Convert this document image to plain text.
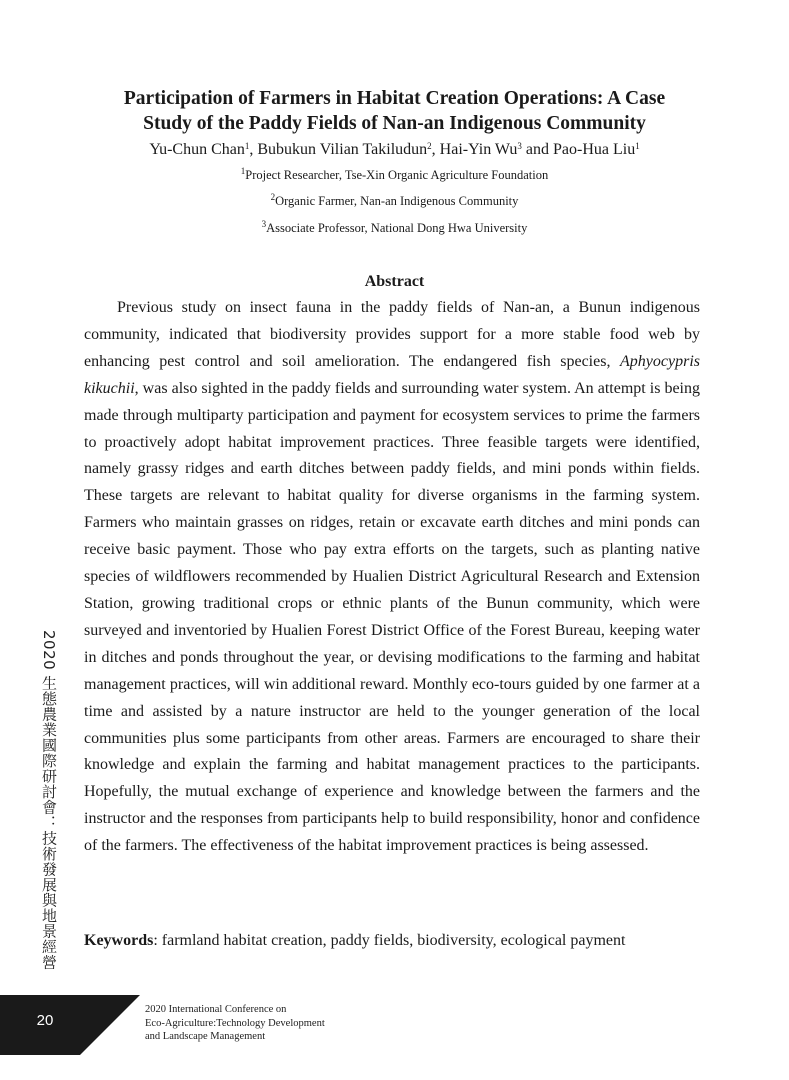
Participation of Farmers in Habitat Creation Operations: A Case
Study of the Paddy Fields of Nan-an Indigenous Community
Yu-Chun Chan$^1$, Bubukun Vilian Takiludun$^2$, Hai-Yin Wu$^3$ and Pao-Hua Liu$^1$
$^1$Project Researcher, Tse-Xin Organic Agriculture Foundation
$^2$Organic Farmer, Nan-an Indigenous Community
$^3$Associate Professor, National Dong Hwa University
Abstract

Previous study on insect fauna in the paddy fields of Nan-an, a Bunun indigenous community, indicated that biodiversity provides support for a more stable food web by enhancing pest control and soil amelioration. The endangered fish species, Aphyocypris kikuchii, was also sighted in the paddy fields and surrounding water system. An attempt is being made through multiparty participation and payment for ecosystem services to prime the farmers to proactively adopt habitat improvement practices. Three feasible targets were identified, namely grassy ridges and earth ditches between paddy fields, and mini ponds within fields. These targets are relevant to habitat quality for diverse organisms in the farming system. Farmers who maintain grasses on ridges, retain or excavate earth ditches and mini ponds can receive basic payment. Those who pay extra efforts on the targets, such as planting native species of wildflowers recommended by Hualien District Agricultural Research and Extension Station, growing traditional crops or ethnic plants of the Bunun community, which were surveyed and inventoried by Hualien Forest District Office of the Forest Bureau, keeping water in ditches and ponds throughout the year, or devising modifications to the farming and habitat management practices, will win additional reward. Monthly eco-tours guided by one farmer at a time and assisted by a nature instructor are held to the younger generation of the local communities plus some participants from other areas. Farmers are encouraged to share their knowledge and explain the farming and habitat management practices to the participants. Hopefully, the mutual exchange of experience and knowledge between the farmers and the instructor and the responses from participants help to build responsibility, honor and confidence of the farmers. The effectiveness of the habitat improvement practices is being assessed.

Keywords: farmland habitat creation, paddy fields, biodiversity, ecological payment
2020 生態農業國際研討會：技術發展與地景經營
20
2020 International Conference on
Eco-Agriculture:Technology Development
and Landscape Management
